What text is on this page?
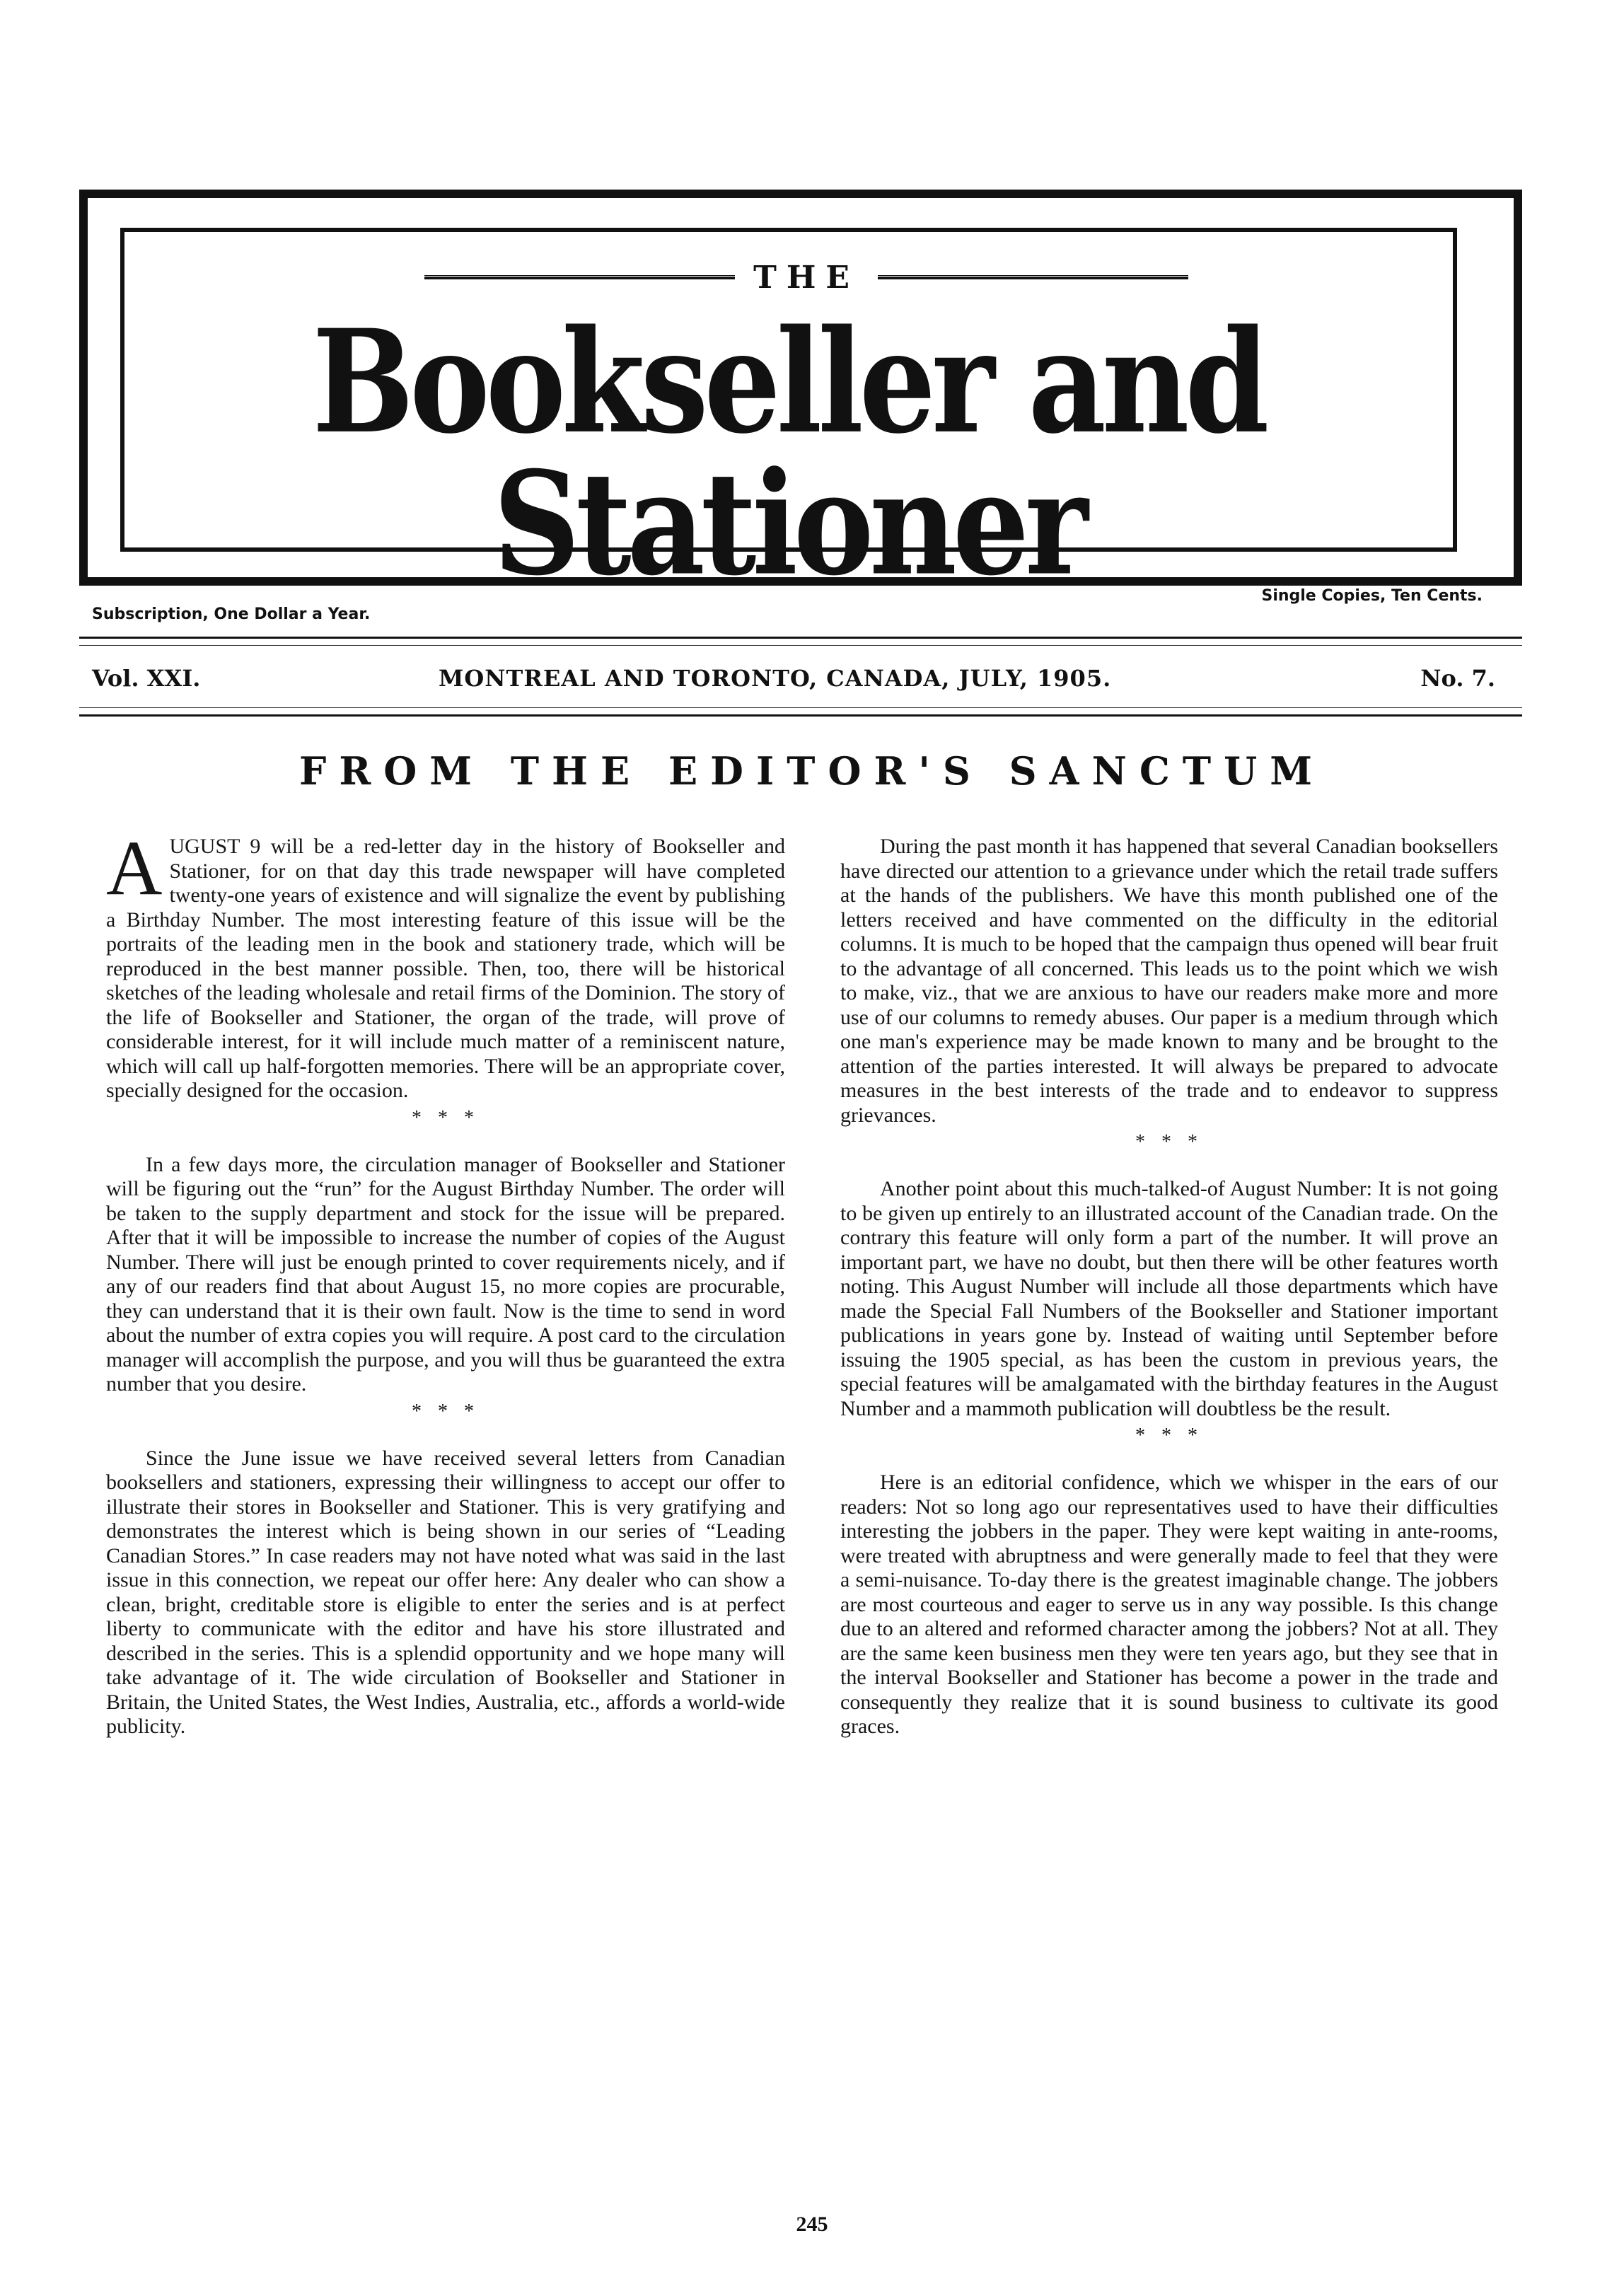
THE
Bookseller and Stationer	Single Copies, Ten Cents.
Subscription, One Dollar a Year.
Vol. XXI.	MONTREAL AND TORONTO, CANADA, JULY, 1905.	No. 7.
FROM THE EDITOR'S SANCTUM

AUGUST 9 will be a red-letter day in the history of Bookseller and Stationer, for on that day this trade newspaper will have completed twenty-one years of existence and will signalize the event by publishing a Birthday Number. The most interesting feature of this issue will be the portraits of the leading men in the book and stationery trade, which will be reproduced in the best manner possible. Then, too, there will be historical sketches of the leading wholesale and retail firms of the Dominion. The story of the life of Bookseller and Stationer, the organ of the trade, will prove of considerable interest, for it will include much matter of a reminiscent nature, which will call up half-forgotten memories. There will be an appropriate cover, specially designed for the occasion.

* * *

In a few days more, the circulation manager of Bookseller and Stationer will be figuring out the “run” for the August Birthday Number. The order will be taken to the supply department and stock for the issue will be prepared. After that it will be impossible to increase the number of copies of the August Number. There will just be enough printed to cover requirements nicely, and if any of our readers find that about August 15, no more copies are procurable, they can understand that it is their own fault. Now is the time to send in word about the number of extra copies you will require. A post card to the circulation manager will accomplish the purpose, and you will thus be guaranteed the extra number that you desire.

* * *

Since the June issue we have received several letters from Canadian booksellers and stationers, expressing their willingness to accept our offer to illustrate their stores in Bookseller and Stationer. This is very gratifying and demonstrates the interest which is being shown in our series of “Leading Canadian Stores.” In case readers may not have noted what was said in the last issue in this connection, we repeat our offer here: Any dealer who can show a clean, bright, creditable store is eligible to enter the series and is at perfect liberty to communicate with the editor and have his store illustrated and described in the series. This is a splendid opportunity and we hope many will take advantage of it. The wide circulation of Bookseller and Stationer in Britain, the United States, the West Indies, Australia, etc., affords a world-wide publicity.

During the past month it has happened that several Canadian booksellers have directed our attention to a grievance under which the retail trade suffers at the hands of the publishers. We have this month published one of the letters received and have commented on the difficulty in the editorial columns. It is much to be hoped that the campaign thus opened will bear fruit to the advantage of all concerned. This leads us to the point which we wish to make, viz., that we are anxious to have our readers make more and more use of our columns to remedy abuses. Our paper is a medium through which one man's experience may be made known to many and be brought to the attention of the parties interested. It will always be prepared to advocate measures in the best interests of the trade and to endeavor to suppress grievances.

* * *

Another point about this much-talked-of August Number: It is not going to be given up entirely to an illustrated account of the Canadian trade. On the contrary this feature will only form a part of the number. It will prove an important part, we have no doubt, but then there will be other features worth noting. This August Number will include all those departments which have made the Special Fall Numbers of the Bookseller and Stationer important publications in years gone by. Instead of waiting until September before issuing the 1905 special, as has been the custom in previous years, the special features will be amalgamated with the birthday features in the August Number and a mammoth publication will doubtless be the result.

* * *

Here is an editorial confidence, which we whisper in the ears of our readers: Not so long ago our representatives used to have their difficulties interesting the jobbers in the paper. They were kept waiting in ante-rooms, were treated with abruptness and were generally made to feel that they were a semi-nuisance. To-day there is the greatest imaginable change. The jobbers are most courteous and eager to serve us in any way possible. Is this change due to an altered and reformed character among the jobbers? Not at all. They are the same keen business men they were ten years ago, but they see that in the interval Bookseller and Stationer has become a power in the trade and consequently they realize that it is sound business to cultivate its good graces.

245
